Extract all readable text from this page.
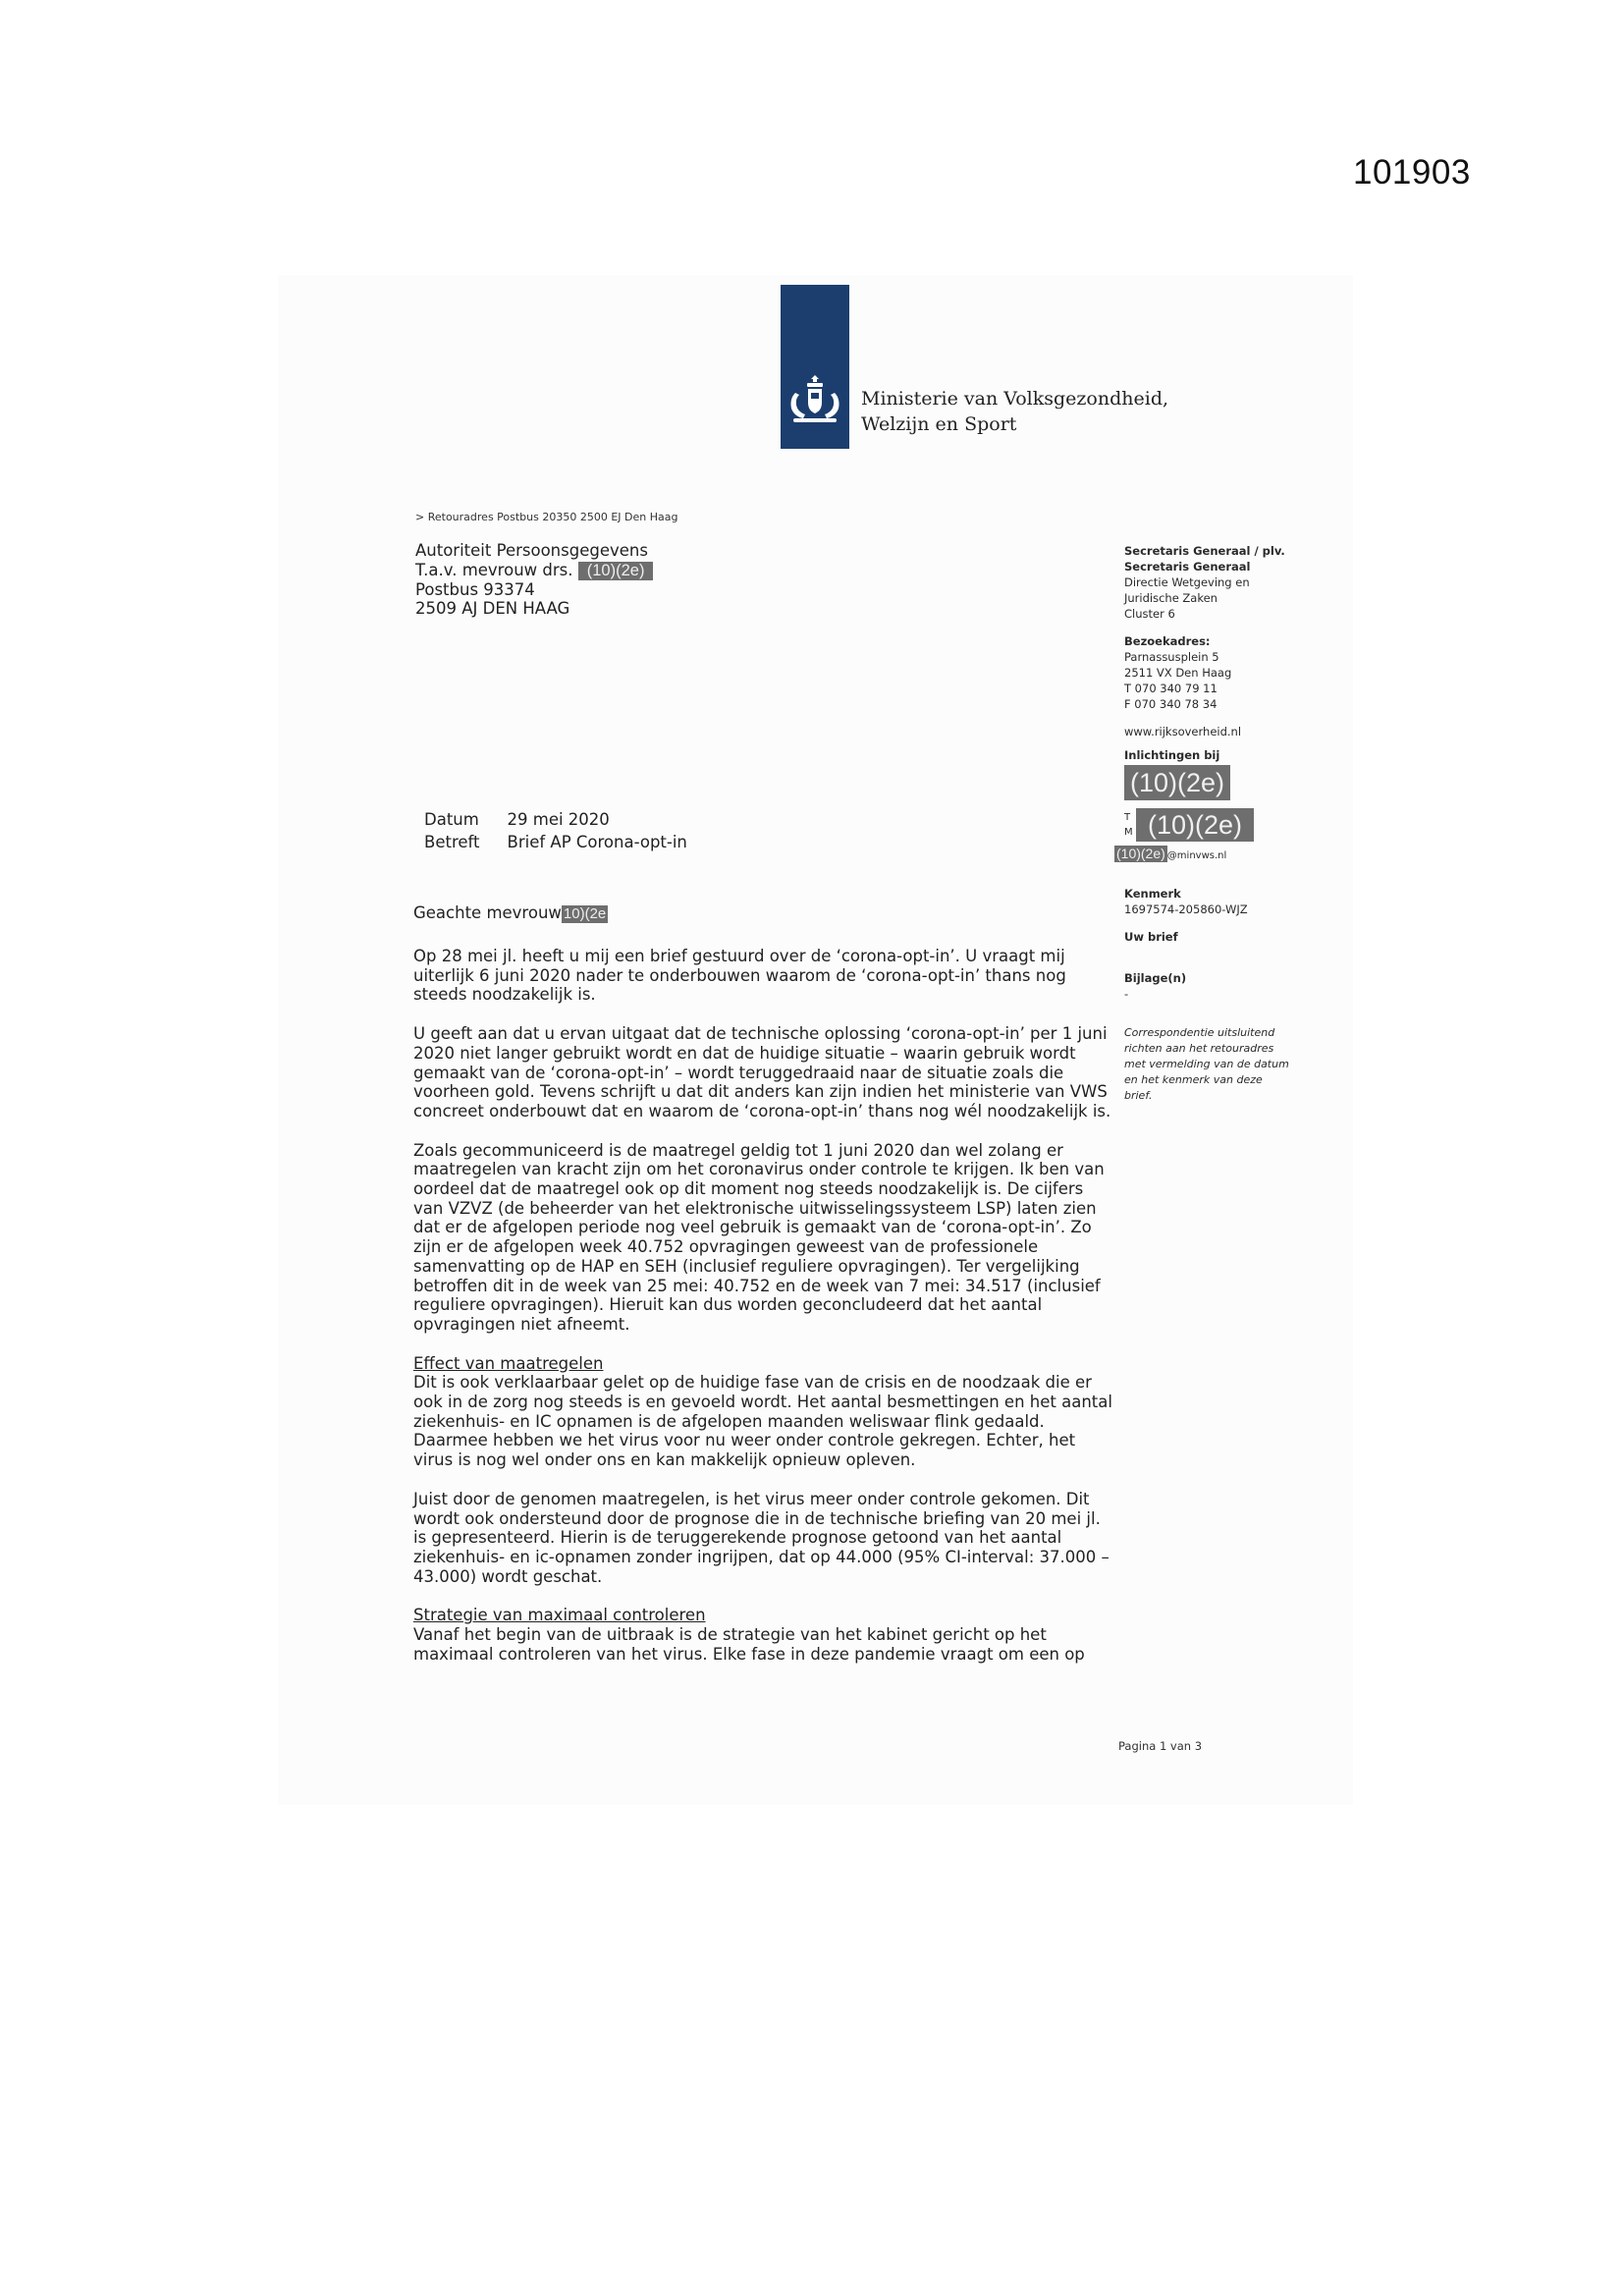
101903
Ministerie van Volksgezondheid,
Welzijn en Sport
> Retouradres Postbus 20350 2500 EJ Den Haag
Autoriteit Persoonsgegevens
T.a.v. mevrouw drs. (10)(2e)
Postbus 93374
2509 AJ DEN HAAG
Datum	29 mei 2020
Betreft	Brief AP Corona-opt-in
Geachte mevrouw 10)(2e

Op 28 mei jl. heeft u mij een brief gestuurd over de ‘corona-opt-in’. U vraagt mij uiterlijk 6 juni 2020 nader te onderbouwen waarom de ‘corona-opt-in’ thans nog steeds noodzakelijk is.

U geeft aan dat u ervan uitgaat dat de technische oplossing ‘corona-opt-in’ per 1 juni 2020 niet langer gebruikt wordt en dat de huidige situatie – waarin gebruik wordt gemaakt van de ‘corona-opt-in’ – wordt teruggedraaid naar de situatie zoals die voorheen gold. Tevens schrijft u dat dit anders kan zijn indien het ministerie van VWS concreet onderbouwt dat en waarom de ‘corona-opt-in’ thans nog wél noodzakelijk is.

Zoals gecommuniceerd is de maatregel geldig tot 1 juni 2020 dan wel zolang er maatregelen van kracht zijn om het coronavirus onder controle te krijgen. Ik ben van oordeel dat de maatregel ook op dit moment nog steeds noodzakelijk is. De cijfers van VZVZ (de beheerder van het elektronische uitwisselingssysteem LSP) laten zien dat er de afgelopen periode nog veel gebruik is gemaakt van de ‘corona-opt-in’. Zo zijn er de afgelopen week 40.752 opvragingen geweest van de professionele samenvatting op de HAP en SEH (inclusief reguliere opvragingen). Ter vergelijking betroffen dit in de week van 25 mei: 40.752 en de week van 7 mei: 34.517 (inclusief reguliere opvragingen). Hieruit kan dus worden geconcludeerd dat het aantal opvragingen niet afneemt.

Effect van maatregelen
Dit is ook verklaarbaar gelet op de huidige fase van de crisis en de noodzaak die er ook in de zorg nog steeds is en gevoeld wordt. Het aantal besmettingen en het aantal ziekenhuis- en IC opnamen is de afgelopen maanden weliswaar flink gedaald. Daarmee hebben we het virus voor nu weer onder controle gekregen. Echter, het virus is nog wel onder ons en kan makkelijk opnieuw opleven.

Juist door de genomen maatregelen, is het virus meer onder controle gekomen. Dit wordt ook ondersteund door de prognose die in de technische briefing van 20 mei jl. is gepresenteerd. Hierin is de teruggerekende prognose getoond van het aantal ziekenhuis- en ic-opnamen zonder ingrijpen, dat op 44.000 (95% CI-interval: 37.000 –43.000) wordt geschat.

Strategie van maximaal controleren
Vanaf het begin van de uitbraak is de strategie van het kabinet gericht op het maximaal controleren van het virus. Elke fase in deze pandemie vraagt om een op

Secretaris Generaal / plv.
Secretaris Generaal
Directie Wetgeving en
Juridische Zaken
Cluster 6
Bezoekadres:
Parnassusplein 5
2511 VX Den Haag
T 070 340 79 11
F 070 340 78 34
www.rijksoverheid.nl
Inlichtingen bij
(10)(2e)
T
M (10)(2e)
(10)(2e) @minvws.nl
Kenmerk
1697574-205860-WJZ
Uw brief
Bijlage(n)
-
Correspondentie uitsluitend
richten aan het retouradres
met vermelding van de datum
en het kenmerk van deze
brief.
Pagina 1 van 3
